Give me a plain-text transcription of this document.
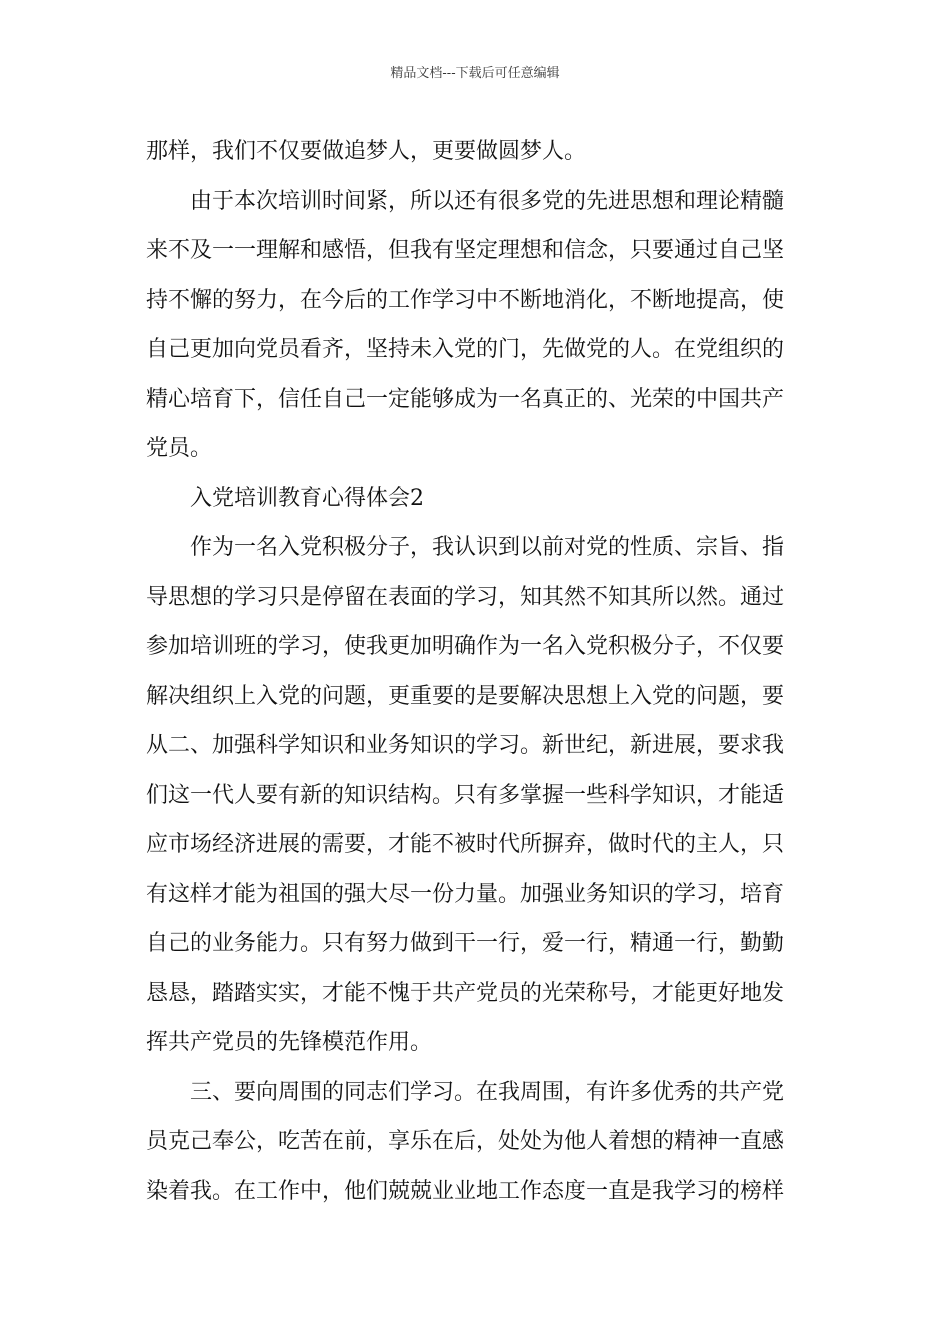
精品文档---下载后可任意编辑

那样，我们不仅要做追梦人，更要做圆梦人。

由于本次培训时间紧，所以还有很多党的先进思想和理论精髓
来不及一一理解和感悟，但我有坚定理想和信念，只要通过自己坚
持不懈的努力，在今后的工作学习中不断地消化，不断地提高，使
自己更加向党员看齐，坚持未入党的门，先做党的人。在党组织的
精心培育下，信任自己一定能够成为一名真正的、光荣的中国共产
党员。

入党培训教育心得体会2

作为一名入党积极分子，我认识到以前对党的性质、宗旨、指
导思想的学习只是停留在表面的学习，知其然不知其所以然。通过
参加培训班的学习，使我更加明确作为一名入党积极分子，不仅要
解决组织上入党的问题，更重要的是要解决思想上入党的问题，要
从二、加强科学知识和业务知识的学习。新世纪，新进展，要求我
们这一代人要有新的知识结构。只有多掌握一些科学知识，才能适
应市场经济进展的需要，才能不被时代所摒弃，做时代的主人，只
有这样才能为祖国的强大尽一份力量。加强业务知识的学习，培育
自己的业务能力。只有努力做到干一行，爱一行，精通一行，勤勤
恳恳，踏踏实实，才能不愧于共产党员的光荣称号，才能更好地发
挥共产党员的先锋模范作用。

三、要向周围的同志们学习。在我周围，有许多优秀的共产党
员克己奉公，吃苦在前，享乐在后，处处为他人着想的精神一直感
染着我。在工作中，他们兢兢业业地工作态度一直是我学习的榜样
